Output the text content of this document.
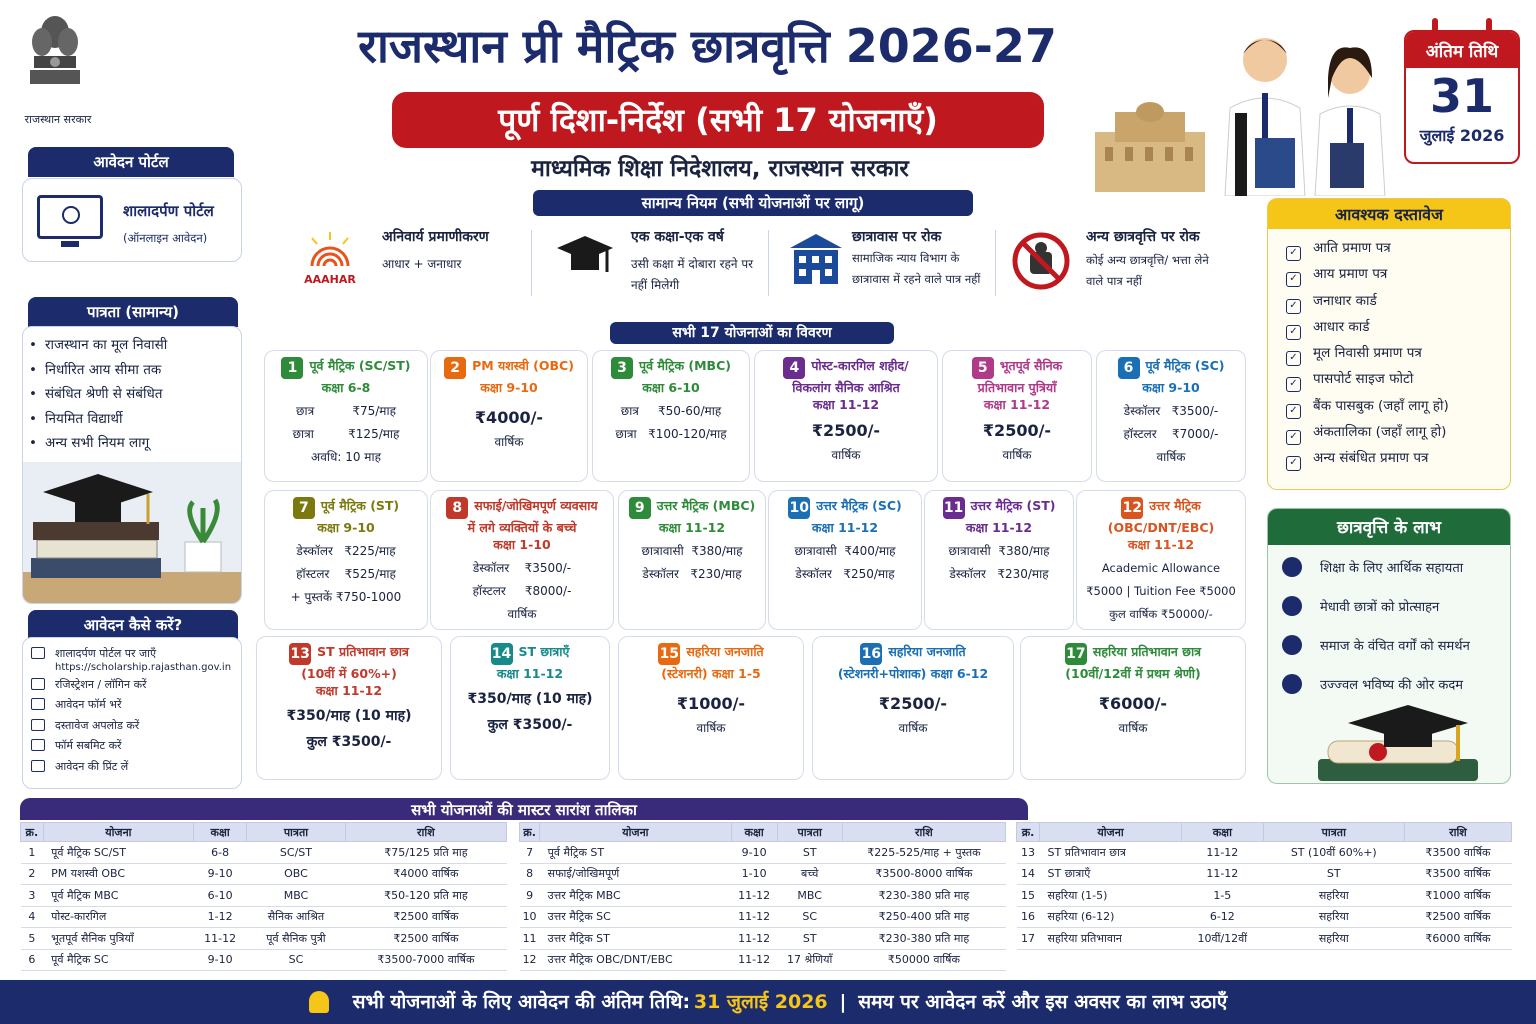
राजस्थान सरकार
राजस्थान प्री मैट्रिक छात्रवृत्ति 2026-27
पूर्ण दिशा-निर्देश (सभी 17 योजनाएँ)
माध्यमिक शिक्षा निदेशालय, राजस्थान सरकार
अंतिम तिथि
31
जुलाई 2026
आवेदन पोर्टल
शालादर्पण पोर्टल
(ऑनलाइन आवेदन)
पात्रता (सामान्य)
• राजस्थान का मूल निवासी
• निर्धारित आय सीमा तक
• संबंधित श्रेणी से संबंधित
• नियमित विद्यार्थी
• अन्य सभी नियम लागू
आवेदन कैसे करें?
शालादर्पण पोर्टल पर जाएँ
https://scholarship.rajasthan.gov.in
रजिस्ट्रेशन / लॉगिन करें
आवेदन फॉर्म भरें
दस्तावेज अपलोड करें
फॉर्म सबमिट करें
आवेदन की प्रिंट लें
सामान्य नियम (सभी योजनाओं पर लागू)
AAAHAR
अनिवार्य प्रमाणीकरण
आधार + जनाधार
एक कक्षा-एक वर्ष
उसी कक्षा में दोबारा रहने पर नहीं मिलेगी
छात्रावास पर रोक
सामाजिक न्याय विभाग के छात्रावास में रहने वाले पात्र नहीं
अन्य छात्रवृत्ति पर रोक
कोई अन्य छात्रवृत्ति/ भत्ता लेने वाले पात्र नहीं
सभी 17 योजनाओं का विवरण
1 पूर्व मैट्रिक (SC/ST)
कक्षा 6-8
छात्र          ₹75/माह
छात्रा         ₹125/माह
अवधि: 10 माह
2 PM यशस्वी (OBC)
कक्षा 9-10
₹4000/-
वार्षिक
3 पूर्व मैट्रिक (MBC)
कक्षा 6-10
छात्र     ₹50-60/माह
छात्रा   ₹100-120/माह
4 पोस्ट-कारगिल शहीद/
विकलांग सैनिक आश्रित
कक्षा 11-12
₹2500/-
वार्षिक
5 भूतपूर्व सैनिक
प्रतिभावान पुत्रियाँ
कक्षा 11-12
₹2500/-
वार्षिक
6 पूर्व मैट्रिक (SC)
कक्षा 9-10
डेस्कॉलर   ₹3500/-
हॉस्टलर    ₹7000/-
वार्षिक
7 पूर्व मैट्रिक (ST)
कक्षा 9-10
डेस्कॉलर   ₹225/माह
हॉस्टलर    ₹525/माह
+ पुस्तकें ₹750-1000
8 सफाई/जोखिमपूर्ण व्यवसाय
में लगे व्यक्तियों के बच्चे
कक्षा 1-10
डेस्कॉलर    ₹3500/-
हॉस्टलर     ₹8000/-
वार्षिक
9 उत्तर मैट्रिक (MBC)
कक्षा 11-12
छात्रावासी  ₹380/माह
डेस्कॉलर   ₹230/माह
10 उत्तर मैट्रिक (SC)
कक्षा 11-12
छात्रावासी  ₹400/माह
डेस्कॉलर   ₹250/माह
11 उत्तर मैट्रिक (ST)
कक्षा 11-12
छात्रावासी  ₹380/माह
डेस्कॉलर   ₹230/माह
12 उत्तर मैट्रिक (OBC/DNT/EBC)
कक्षा 11-12
Academic Allowance
₹5000 | Tuition Fee ₹5000
कुल वार्षिक ₹50000/-
13 ST प्रतिभावान छात्र
(10वीं में 60%+)
कक्षा 11-12
₹350/माह (10 माह)
कुल ₹3500/-
14 ST छात्राएँ
कक्षा 11-12
₹350/माह (10 माह)
कुल ₹3500/-
15 सहरिया जनजाति
(स्टेशनरी) कक्षा 1-5
₹1000/-
वार्षिक
16 सहरिया जनजाति
(स्टेशनरी+पोशाक) कक्षा 6-12
₹2500/-
वार्षिक
17 सहरिया प्रतिभावान छात्र
(10वीं/12वीं में प्रथम श्रेणी)
₹6000/-
वार्षिक
आवश्यक दस्तावेज
✓ आति प्रमाण पत्र
✓ आय प्रमाण पत्र
✓ जनाधार कार्ड
✓ आधार कार्ड
✓ मूल निवासी प्रमाण पत्र
✓ पासपोर्ट साइज फोटो
✓ बैंक पासबुक (जहाँ लागू हो)
✓ अंकतालिका (जहाँ लागू हो)
✓ अन्य संबंधित प्रमाण पत्र
छात्रवृत्ति के लाभ
शिक्षा के लिए आर्थिक सहायता
मेधावी छात्रों को प्रोत्साहन
समाज के वंचित वर्गों को समर्थन
उज्ज्वल भविष्य की ओर कदम
सभी योजनाओं की मास्टर सारांश तालिका
क्र.	योजना	कक्षा	पात्रता	राशि
1	पूर्व मैट्रिक SC/ST	6-8	SC/ST	₹75/125 प्रति माह
2	PM यशस्वी OBC	9-10	OBC	₹4000 वार्षिक
3	पूर्व मैट्रिक MBC	6-10	MBC	₹50-120 प्रति माह
4	पोस्ट-कारगिल	1-12	सैनिक आश्रित	₹2500 वार्षिक
5	भूतपूर्व सैनिक पुत्रियाँ	11-12	पूर्व सैनिक पुत्री	₹2500 वार्षिक
6	पूर्व मैट्रिक SC	9-10	SC	₹3500-7000 वार्षिक
क्र.	योजना	कक्षा	पात्रता	राशि
7	पूर्व मैट्रिक ST	9-10	ST	₹225-525/माह + पुस्तक
8	सफाई/जोखिमपूर्ण	1-10	बच्चे	₹3500-8000 वार्षिक
9	उत्तर मैट्रिक MBC	11-12	MBC	₹230-380 प्रति माह
10	उत्तर मैट्रिक SC	11-12	SC	₹250-400 प्रति माह
11	उत्तर मैट्रिक ST	11-12	ST	₹230-380 प्रति माह
12	उत्तर मैट्रिक OBC/DNT/EBC	11-12	17 श्रेणियाँ	₹50000 वार्षिक
क्र.	योजना	कक्षा	पात्रता	राशि
13	ST प्रतिभावान छात्र	11-12	ST (10वीं 60%+)	₹3500 वार्षिक
14	ST छात्राएँ	11-12	ST	₹3500 वार्षिक
15	सहरिया (1-5)	1-5	सहरिया	₹1000 वार्षिक
16	सहरिया (6-12)	6-12	सहरिया	₹2500 वार्षिक
17	सहरिया प्रतिभावान	10वीं/12वीं	सहरिया	₹6000 वार्षिक
सभी योजनाओं के लिए आवेदन की अंतिम तिथि: 31 जुलाई 2026 | समय पर आवेदन करें और इस अवसर का लाभ उठाएँ
